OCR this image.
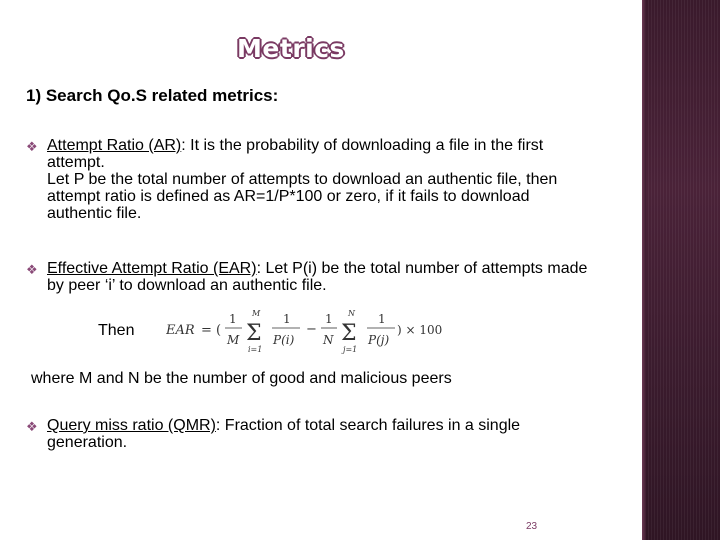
Metrics
1) Search Qo.S related metrics:
❖ Attempt Ratio (AR): It is the probability of downloading a file in the first attempt.
Let P be the total number of attempts to download an authentic file, then attempt ratio is defined as AR=1/P*100 or zero, if it fails to download authentic file.
❖ Effective Attempt Ratio (EAR): Let P(i) be the total number of attempts made by peer ‘i’ to download an authentic file.
Then EAR = (
1
M Σ
M
i=1
1
P(i)
−
1
N Σ
N
j=1
1
P(j)
) × 100
where M and N be the number of good and malicious peers
❖ Query miss ratio (QMR): Fraction of total search failures in a single generation.
23
